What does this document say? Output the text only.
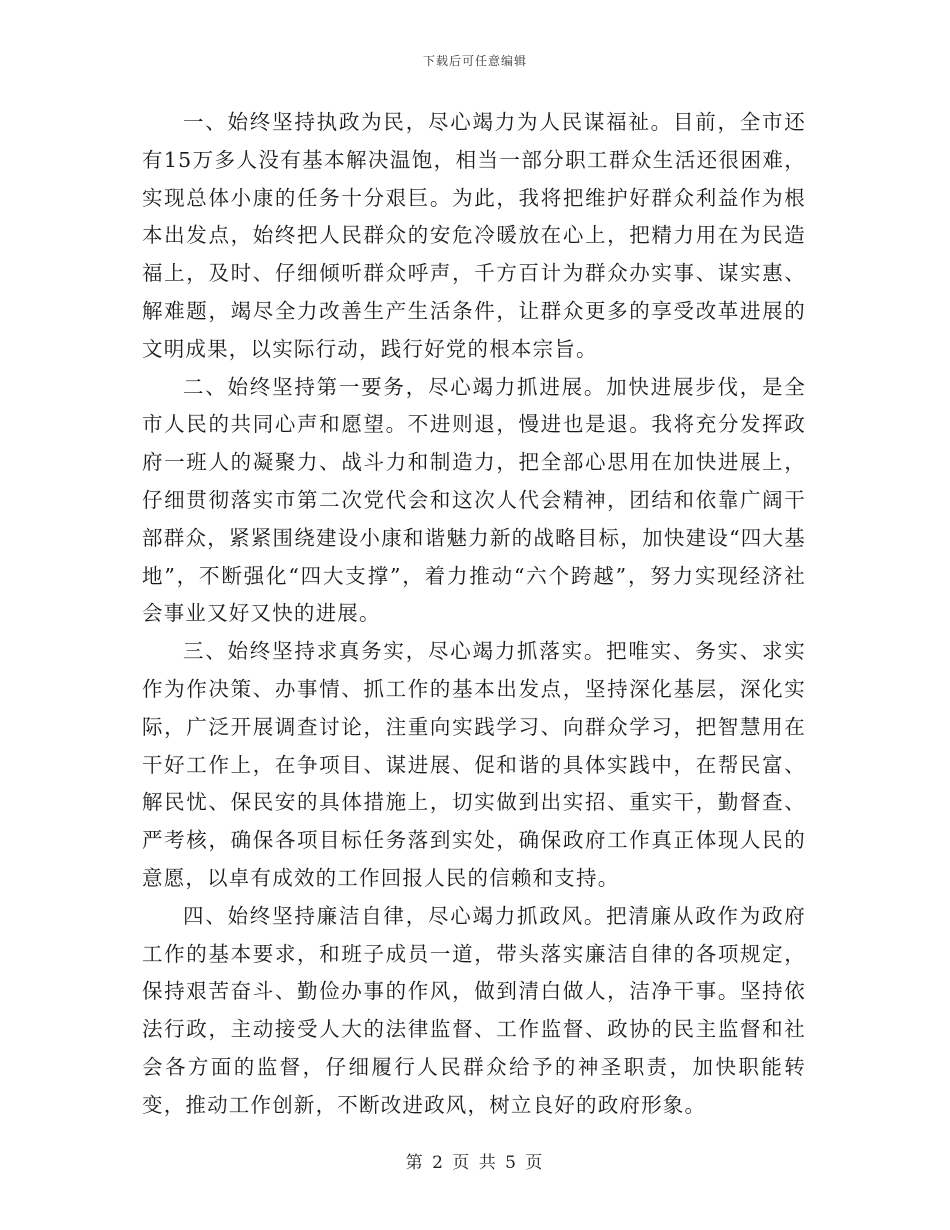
下载后可任意编辑

一、始终坚持执政为民，尽心竭力为人民谋福祉。目前，全市还有15万多人没有基本解决温饱，相当一部分职工群众生活还很困难，实现总体小康的任务十分艰巨。为此，我将把维护好群众利益作为根本出发点，始终把人民群众的安危冷暖放在心上，把精力用在为民造福上，及时、仔细倾听群众呼声，千方百计为群众办实事、谋实惠、解难题，竭尽全力改善生产生活条件，让群众更多的享受改革进展的文明成果，以实际行动，践行好党的根本宗旨。

二、始终坚持第一要务，尽心竭力抓进展。加快进展步伐，是全市人民的共同心声和愿望。不进则退，慢进也是退。我将充分发挥政府一班人的凝聚力、战斗力和制造力，把全部心思用在加快进展上，仔细贯彻落实市第二次党代会和这次人代会精神，团结和依靠广阔干部群众，紧紧围绕建设小康和谐魅力新的战略目标，加快建设“四大基地”，不断强化“四大支撑”，着力推动“六个跨越”，努力实现经济社会事业又好又快的进展。

三、始终坚持求真务实，尽心竭力抓落实。把唯实、务实、求实作为作决策、办事情、抓工作的基本出发点，坚持深化基层，深化实际，广泛开展调查讨论，注重向实践学习、向群众学习，把智慧用在干好工作上，在争项目、谋进展、促和谐的具体实践中，在帮民富、解民忧、保民安的具体措施上，切实做到出实招、重实干，勤督查、严考核，确保各项目标任务落到实处，确保政府工作真正体现人民的意愿，以卓有成效的工作回报人民的信赖和支持。

四、始终坚持廉洁自律，尽心竭力抓政风。把清廉从政作为政府工作的基本要求，和班子成员一道，带头落实廉洁自律的各项规定，保持艰苦奋斗、勤俭办事的作风，做到清白做人，洁净干事。坚持依法行政，主动接受人大的法律监督、工作监督、政协的民主监督和社会各方面的监督，仔细履行人民群众给予的神圣职责，加快职能转变，推动工作创新，不断改进政风，树立良好的政府形象。

第 2 页 共 5 页
